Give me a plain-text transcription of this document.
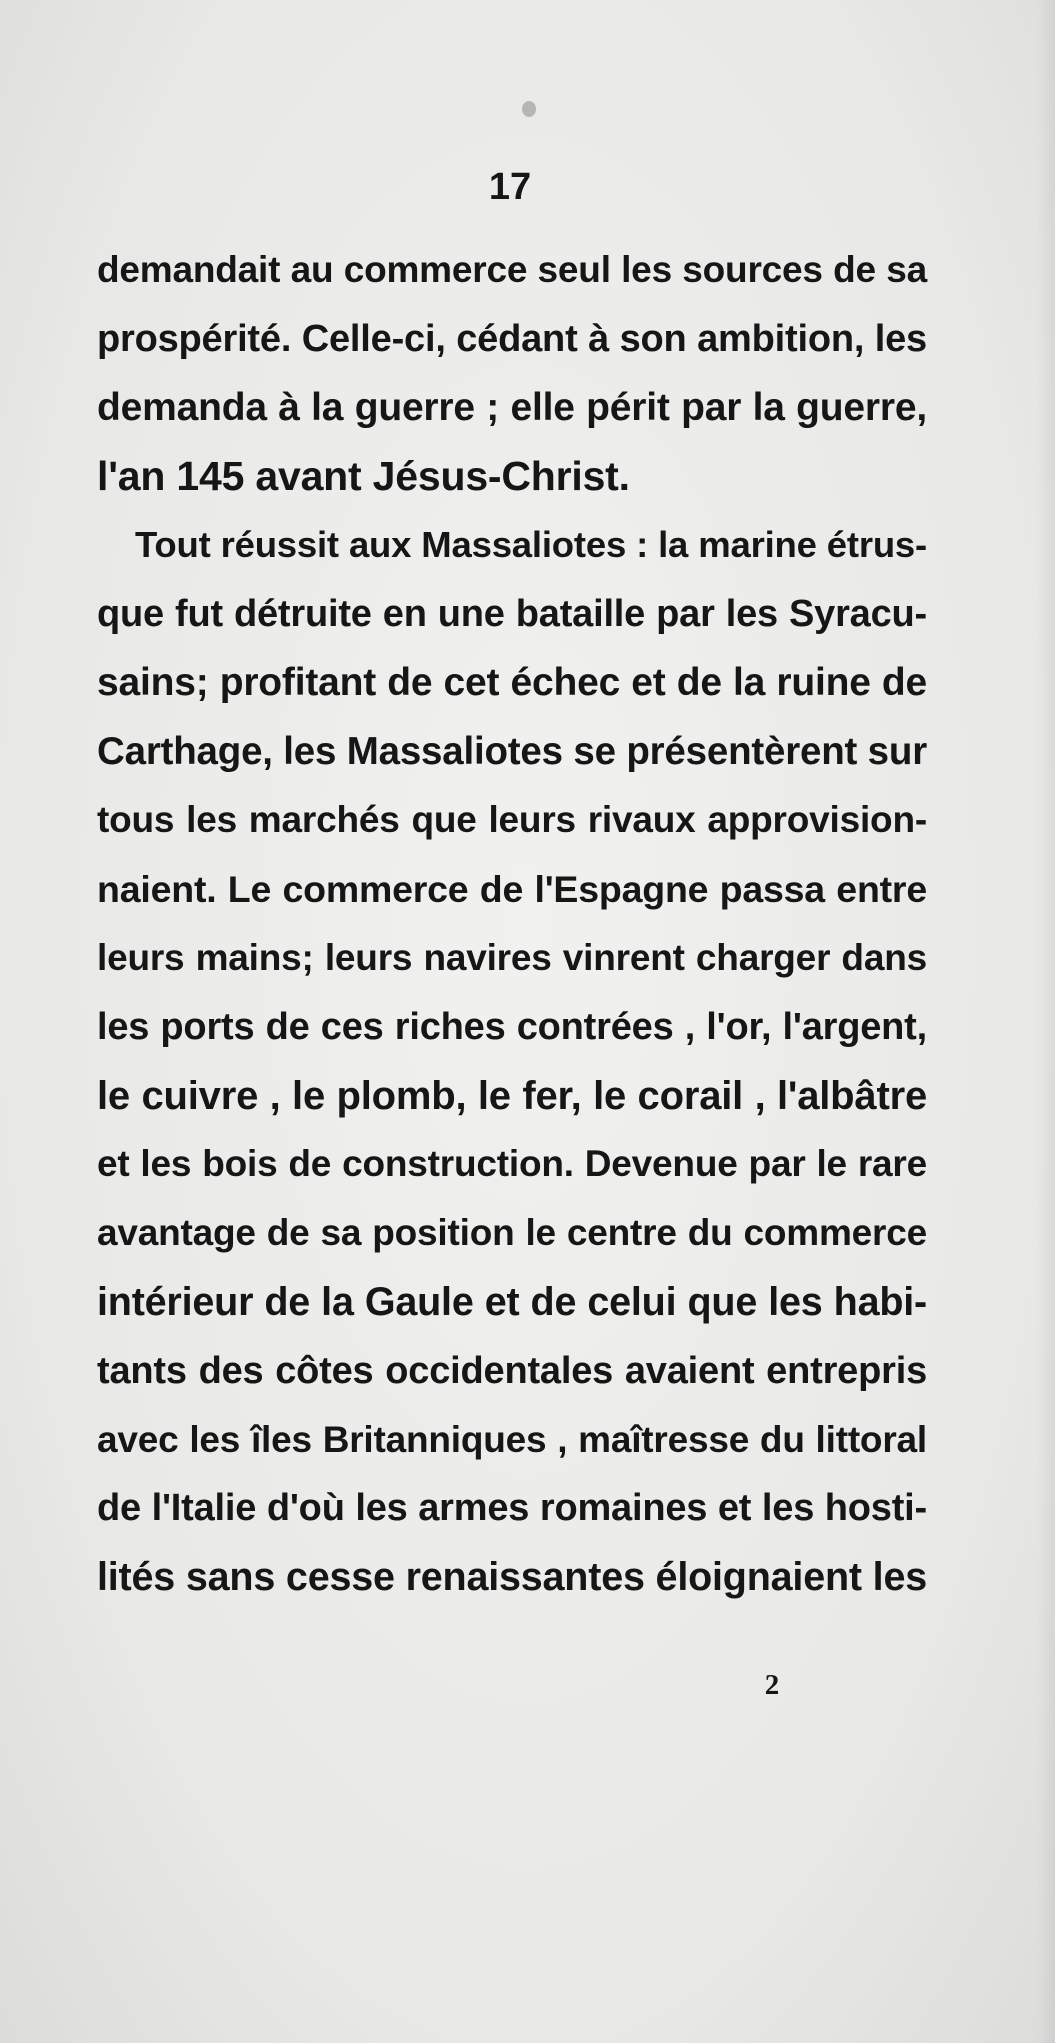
17
demandait au commerce seul les sources de sa
prospérité. Celle-ci, cédant à son ambition, les
demanda à la guerre ; elle périt par la guerre,
l'an 145 avant Jésus-Christ.
Tout réussit aux Massaliotes : la marine étrus-
que fut détruite en une bataille par les Syracu-
sains; profitant de cet échec et de la ruine de
Carthage, les Massaliotes se présentèrent sur
tous les marchés que leurs rivaux approvision-
naient. Le commerce de l'Espagne passa entre
leurs mains; leurs navires vinrent charger dans
les ports de ces riches contrées , l'or, l'argent,
le cuivre , le plomb, le fer, le corail , l'albâtre
et les bois de construction. Devenue par le rare
avantage de sa position le centre du commerce
intérieur de la Gaule et de celui que les habi-
tants des côtes occidentales avaient entrepris
avec les îles Britanniques , maîtresse du littoral
de l'Italie d'où les armes romaines et les hosti-
lités sans cesse renaissantes éloignaient les
2
